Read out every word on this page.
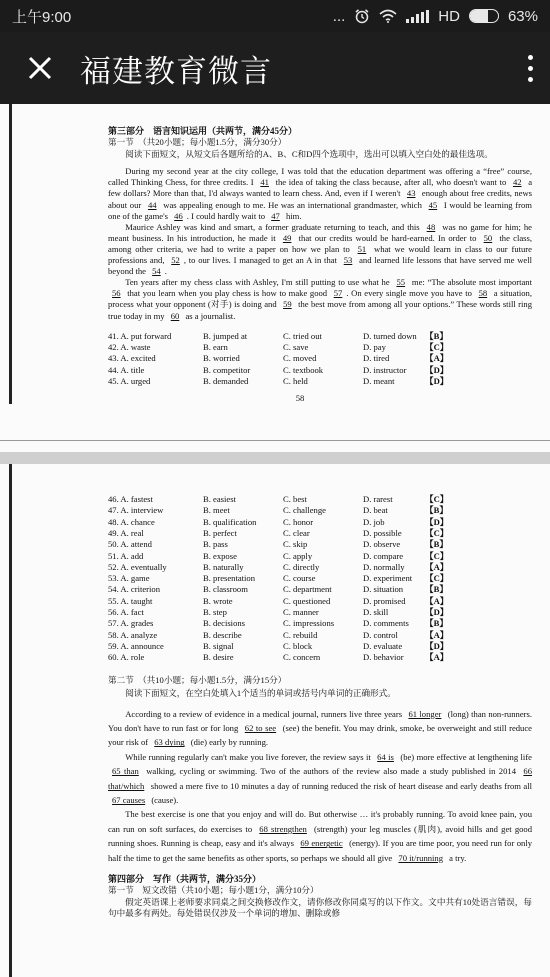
上午9:00	...	HD	63%
福建教育微言
第三部分　语言知识运用（共两节，满分45分）
第一节　（共20小题；每小题1.5分，满分30分）
阅读下面短文，从短文后各题所给的A、B、C和D四个选项中，选出可以填入空白处的最佳选项。
During my second year at the city college, I was told that the education department was offering a “free” course, called Thinking Chess, for three credits. I 41 the idea of taking the class because, after all, who doesn't want to 42 a few dollars? More than that, I'd always wanted to learn chess. And, even if I weren't 43 enough about free credits, news about our 44 was appealing enough to me. He was an international grandmaster, which 45 I would be learning from one of the game's 46 . I could hardly wait to 47 him.
Maurice Ashley was kind and smart, a former graduate returning to teach, and this 48 was no game for him; he meant business. In his introduction, he made it 49 that our credits would be hard-earned. In order to 50 the class, among other criteria, we had to write a paper on how we plan to 51 what we would learn in class to our future professions and, 52 , to our lives. I managed to get an A in that 53 and learned life lessons that have served me well beyond the 54 .
Ten years after my chess class with Ashley, I'm still putting to use what he 55 me: “The absolute most important 56 that you learn when you play chess is how to make good 57 . On every single move you have to 58 a situation, process what your opponent (对手) is doing and 59 the best move from among all your options.” These words still ring true today in my 60 as a journalist.
41. A. put forward	B. jumped at	C. tried out	D. turned down	【B】
42. A. waste	B. earn	C. save	D. pay	【C】
43. A. excited	B. worried	C. moved	D. tired	【A】
44. A. title	B. competitor	C. textbook	D. instructor	【D】
45. A. urged	B. demanded	C. held	D. meant	【D】
58
46. A. fastest	B. easiest	C. best	D. rarest	【C】
47. A. interview	B. meet	C. challenge	D. beat	【B】
48. A. chance	B. qualification	C. honor	D. job	【D】
49. A. real	B. perfect	C. clear	D. possible	【C】
50. A. attend	B. pass	C. skip	D. observe	【B】
51. A. add	B. expose	C. apply	D. compare	【C】
52. A. eventually	B. naturally	C. directly	D. normally	【A】
53. A. game	B. presentation	C. course	D. experiment	【C】
54. A. criterion	B. classroom	C. department	D. situation	【B】
55. A. taught	B. wrote	C. questioned	D. promised	【A】
56. A. fact	B. step	C. manner	D. skill	【D】
57. A. grades	B. decisions	C. impressions	D. comments	【B】
58. A. analyze	B. describe	C. rebuild	D. control	【A】
59. A. announce	B. signal	C. block	D. evaluate	【D】
60. A. role	B. desire	C. concern	D. behavior	【A】
第二节　（共10小题；每小题1.5分，满分15分）
阅读下面短文，在空白处填入1个适当的单词或括号内单词的正确形式。
According to a review of evidence in a medical journal, runners live three years 61 longer (long) than non-runners. You don't have to run fast or for long 62 to see (see) the benefit. You may drink, smoke, be overweight and still reduce your risk of 63 dying (die) early by running.
While running regularly can't make you live forever, the review says it 64 is (be) more effective at lengthening life 65 than walking, cycling or swimming. Two of the authors of the review also made a study published in 2014 66 that/which showed a mere five to 10 minutes a day of running reduced the risk of heart disease and early deaths from all 67 causes (cause).
The best exercise is one that you enjoy and will do. But otherwise … it's probably running. To avoid knee pain, you can run on soft surfaces, do exercises to 68 strengthen (strength) your leg muscles (肌肉), avoid hills and get good running shoes. Running is cheap, easy and it's always 69 energetic (energy). If you are time poor, you need run for only half the time to get the same benefits as other sports, so perhaps we should all give 70 it/running a try.
第四部分　写作（共两节，满分35分）
第一节　短文改错（共10小题；每小题1分，满分10分）
假定英语课上老师要求同桌之间交换修改作文，请你修改你同桌写的以下作文。文中共有10处语言错误，每句中最多有两处。每处错误仅涉及一个单词的增加、删除或修
